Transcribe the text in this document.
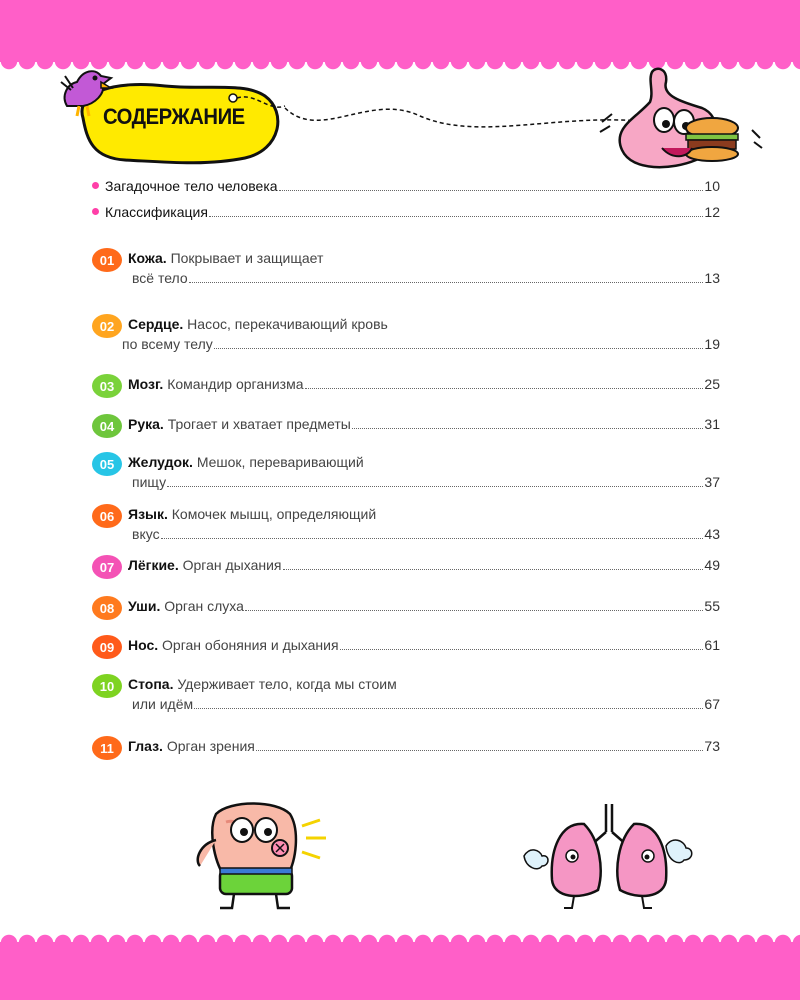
СОДЕРЖАНИЕ
Загадочное тело человека	10
Классификация	12
01 Кожа. Покрывает и защищает
всё тело	13
02 Сердце. Насос, перекачивающий кровь
по всему телу	19
03 Мозг. Командир организма	25
04 Рука. Трогает и хватает предметы	31
05 Желудок. Мешок, переваривающий
пищу	37
06 Язык. Комочек мышц, определяющий
вкус	43
07 Лёгкие. Орган дыхания	49
08 Уши. Орган слуха	55
09 Нос. Орган обоняния и дыхания	61
10 Стопа. Удерживает тело, когда мы стоим
или идём	67
11	Глаз. Орган зрения	73
